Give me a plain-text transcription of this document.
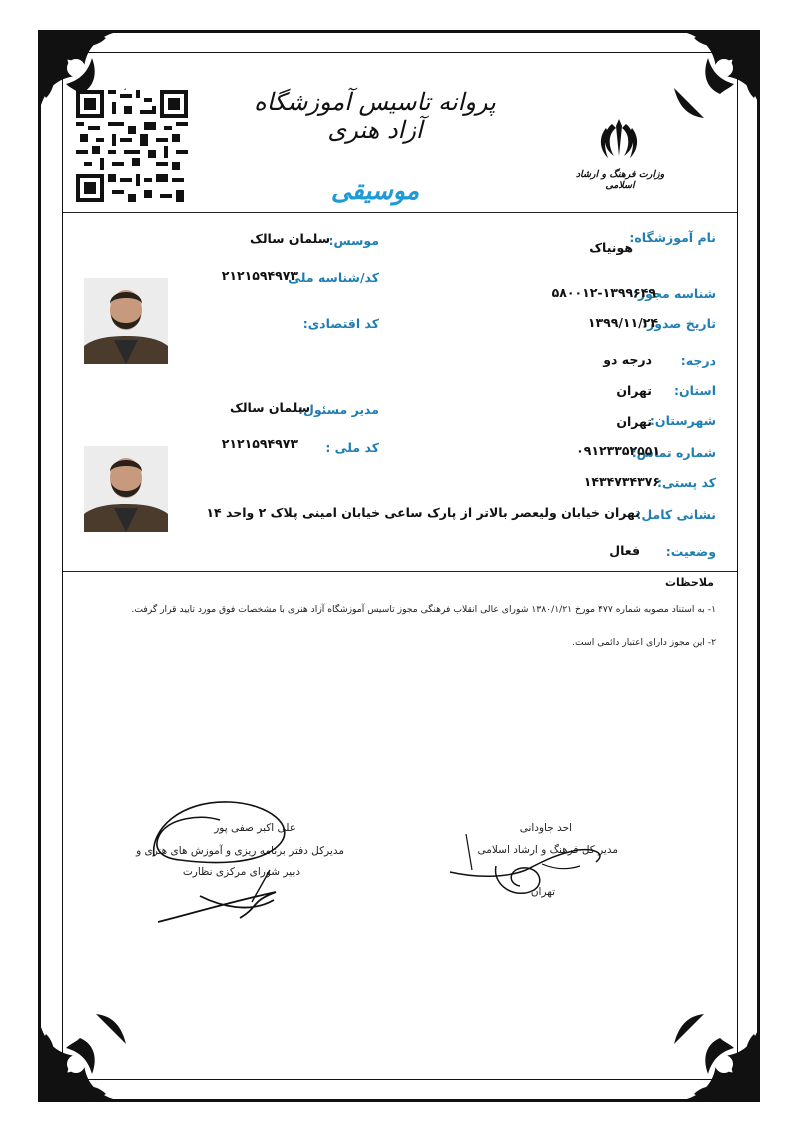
پروانه تاسیس آموزشگاه آزاد هنری
موسیقی
وزارت فرهنگ و ارشاد اسلامی
نام آموزشگاه:
هونیاک
شناسه مجوز:
۵۸۰۰۱۲-۱۳۹۹۶۴۹
تاریخ صدور:
۱۳۹۹/۱۱/۲۴
درجه:
درجه دو
استان:
تهران
شهرستان:
تهران
شماره تماس:
۰۹۱۲۳۳۵۲۵۵۱
کد پستی:
۱۴۳۴۷۳۴۳۷۶
نشانی کامل:
تهران خیابان ولیعصر بالاتر از پارک ساعی خیابان امینی پلاک ۲ واحد ۱۴
وضعیت:
فعال
موسس:
سلمان سالک
کد/شناسه ملی
۲۱۲۱۵۹۴۹۷۳
کد اقتصادی:
مدیر مسئول:
سلمان سالک
کد ملی :
۲۱۲۱۵۹۴۹۷۳
ملاحظات
۱- به استناد مصوبه شماره ۴۷۷ مورخ ۱۳۸۰/۱/۲۱ شورای عالی انقلاب فرهنگی مجوز تاسیس آموزشگاه آزاد هنری با مشخصات فوق مورد تایید قرار گرفت.
۲- این مجوز دارای اعتبار دائمی است.
علی اکبر صفی پور
مدیرکل دفتر برنامه ریزی و آموزش های هنری و
دبیر شورای مرکزی نظارت
احد جاودانی
مدیر کل فرهنگ و ارشاد اسلامی
تهران
